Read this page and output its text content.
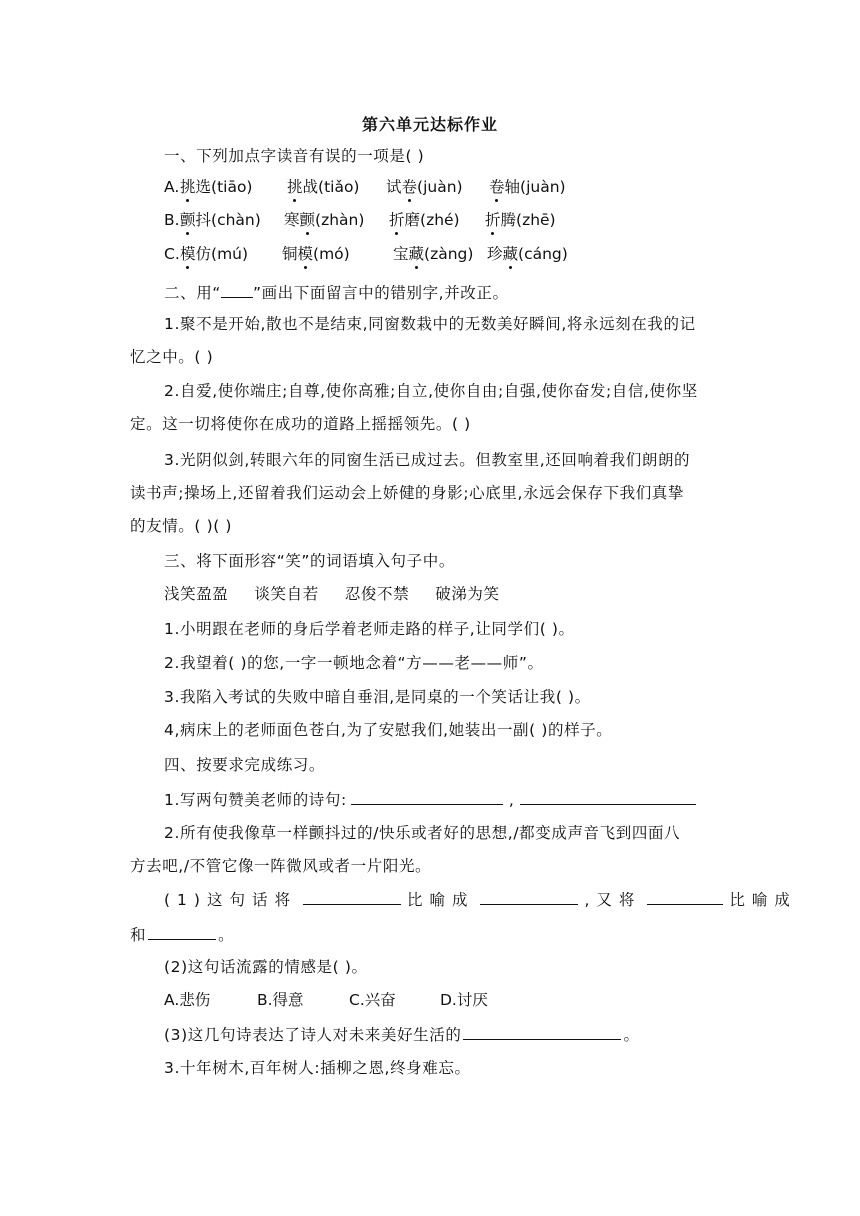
第六单元达标作业
一、下列加点字读音有误的一项是( )
A. 挑选(tiāo) 挑战(tiǎo) 试卷(juàn) 卷轴(juàn)
B. 颤抖(chàn) 寒颤(zhàn) 折磨(zhé) 折腾(zhē)
C. 模仿(mú) 铜模(mó)	宝藏(zàng) 珍藏(cáng)
二、用“ ”画出下面留言中的错别字,并改正。
1.聚不是开始,散也不是结束,同窗数栽中的无数美好瞬间,将永远刻在我的记
忆之中。( )
2.自爱,使你端庄;自尊,使你高雅;自立,使你自由;自强,使你奋发;自信,使你坚
定。这一切将使你在成功的道路上摇摇领先。( )
3.光阴似剑,转眼六年的同窗生活已成过去。但教室里,还回响着我们朗朗的
读书声;操场上,还留着我们运动会上娇健的身影;心底里,永远会保存下我们真挚
的友情。( )( )
三、将下面形容“笑”的词语填入句子中。
浅笑盈盈 谈笑自若 忍俊不禁 破涕为笑
1.小明跟在老师的身后学着老师走路的样子,让同学们( )。
2.我望着( )的您,一字一顿地念着“方——老——师”。
3.我陷入考试的失败中暗自垂泪,是同桌的一个笑话让我( )。
4,病床上的老师面色苍白,为了安慰我们,她装出一副( )的样子。
四、按要求完成练习。
1.写两句赞美老师的诗句:	,
2.所有使我像草一样颤抖过的/快乐或者好的思想,/都变成声音飞到四面八
方去吧,/不管它像一阵微风或者一片阳光。
(1)这句话将	比喻成	,又将	比喻成
和	。
(2)这句话流露的情感是( )。
A.悲伤	B.得意	C.兴奋	D.讨厌
(3)这几句诗表达了诗人对未来美好生活的	。
3.十年树木,百年树人:插柳之恩,终身难忘。
